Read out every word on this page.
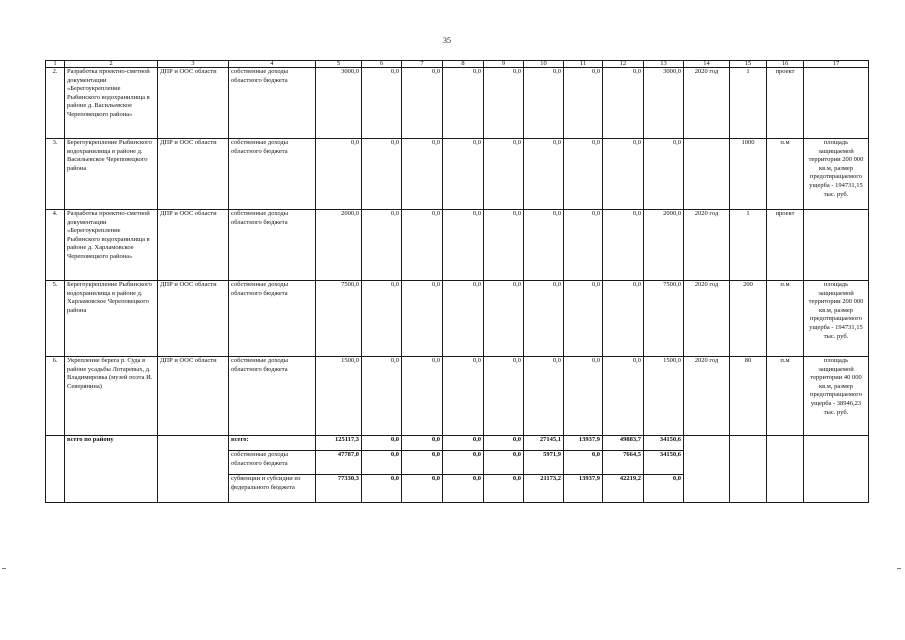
35
1	2	3	4	5	6	7	8	9	10	11	12	13	14	15	16	17
2.	Разработка проектно-сметной документации «Берегоукрепление Рыбинского водохранилища в районе д. Васильевское Череповецкого района»	ДПР и ООС области	собственные доходы областного бюджета	3000,0	0,0	0,0	0,0	0,0	0,0	0,0	0,0	3000,0	2020 год	1	проект	
3.	Берегоукрепление Рыбинского водохранилища в районе д. Васильевское Череповецкого района	ДПР и ООС области	собственные доходы областного бюджета	0,0	0,0	0,0	0,0	0,0	0,0	0,0	0,0	0,0		1000	п.м	площадь защищаемой территории 200 000 кв.м, размер предотвращаемого ущерба - 194731,15 тыс. руб.
4.	Разработка проектно-сметной документации «Берегоукрепление Рыбинского водохранилища в районе д. Харламовское Череповецкого района»	ДПР и ООС области	собственные доходы областного бюджета	2000,0	0,0	0,0	0,0	0,0	0,0	0,0	0,0	2000,0	2020 год	1	проект	
5.	Берегоукрепление Рыбинского водохранилища в районе д. Харламовское Череповецкого района	ДПР и ООС области	собственные доходы областного бюджета	7500,0	0,0	0,0	0,0	0,0	0,0	0,0	0,0	7500,0	2020 год	200	п.м	площадь защищаемой территории 200 000 кв.м, размер предотвращаемого ущерба - 194731,15 тыс. руб.
6.	Укрепление берега р. Суда в районе усадьбы Лотаревых, д. Владимировка (музей поэта И. Северянина)	ДПР и ООС области	собственные доходы областного бюджета	1500,0	0,0	0,0	0,0	0,0	0,0	0,0	0,0	1500,0	2020 год	80	п.м	площадь защищаемой территории 40 000 кв.м, размер предотвращаемого ущерба - 38946,23 тыс. руб.
	всего по району		всего:	125117,3	0,0	0,0	0,0	0,0	27145,1	13937,9	49883,7	34150,6				
			собственные доходы областного бюджета	47787,0	0,0	0,0	0,0	0,0	5971,9	0,0	7664,5	34150,6				
			субвенции и субсидии из федерального бюджета	77330,3	0,0	0,0	0,0	0,0	21173,2	13937,9	42219,2	0,0				
